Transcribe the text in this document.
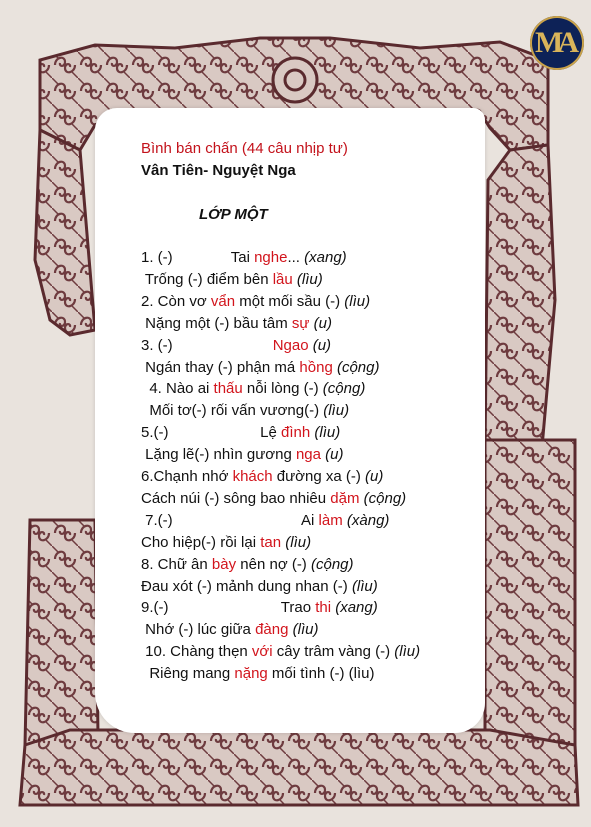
MA
Bình bán chấn (44 câu nhịp tư)
Vân Tiên- Nguyệt Nga
LỚP MỘT
1. (-)              Tai nghe... (xang)
Trống (-) điểm bên lầu (lìu)
2. Còn vơ vẩn một mối sầu (-) (lìu)
Nặng một (-) bầu tâm sự (u)
3. (-)                        Ngao (u)
Ngán thay (-) phận má hồng (cộng)
4. Nào ai thấu nỗi lòng (-) (cộng)
Mối tơ(-) rối vấn vương(-) (lìu)
5.(-)                      Lệ đình (lìu)
Lặng lẽ(-) nhìn gương nga (u)
6.Chạnh nhớ khách đường xa (-) (u)
Cách núi (-) sông bao nhiêu dặm (cộng)
7.(-)                               Ai làm (xàng)
Cho hiệp(-) rồi lại tan (lìu)
8. Chữ ân bày nên nợ (-) (cộng)
Đau xót (-) mảnh dung nhan (-) (lìu)
9.(-)                           Trao thi (xang)
Nhớ (-) lúc giữa đàng (lìu)
10. Chàng thẹn với cây trâm vàng (-) (lìu)
Riêng mang nặng mối tình (-) (lìu)
